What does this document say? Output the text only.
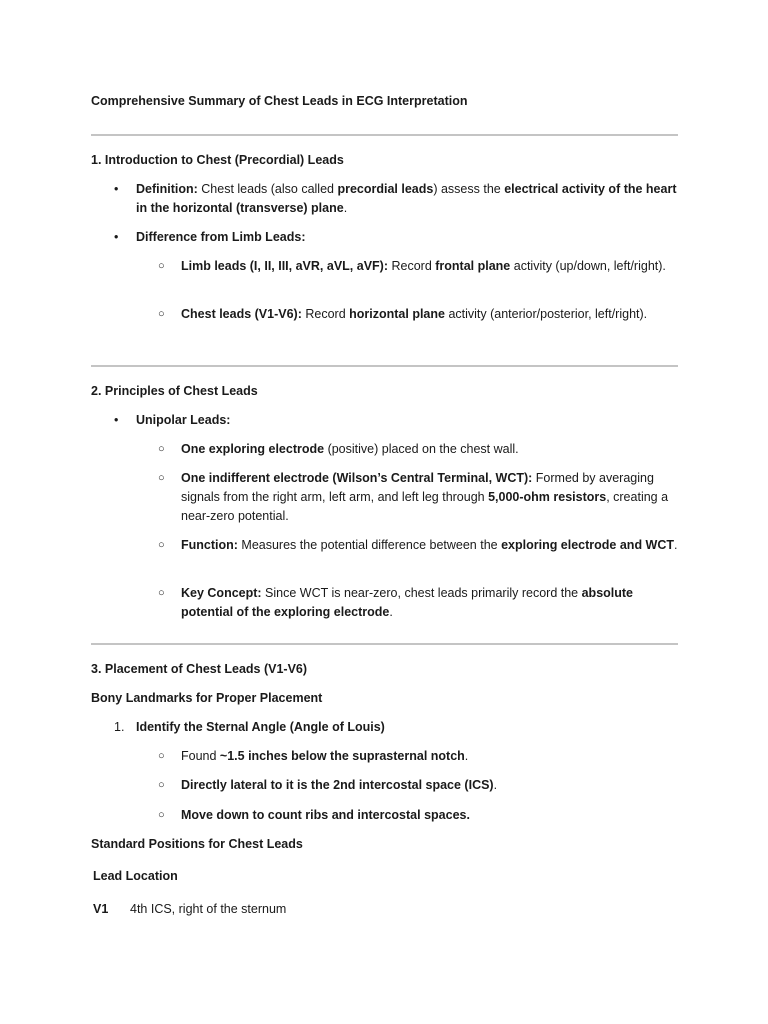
Comprehensive Summary of Chest Leads in ECG Interpretation
1. Introduction to Chest (Precordial) Leads
• Definition: Chest leads (also called precordial leads) assess the electrical activity of the heart in the horizontal (transverse) plane.
• Difference from Limb Leads:
○ Limb leads (I, II, III, aVR, aVL, aVF): Record frontal plane activity (up/down, left/right).
○ Chest leads (V1-V6): Record horizontal plane activity (anterior/posterior, left/right).
2. Principles of Chest Leads
• Unipolar Leads:
○ One exploring electrode (positive) placed on the chest wall.
○ One indifferent electrode (Wilson’s Central Terminal, WCT): Formed by averaging signals from the right arm, left arm, and left leg through 5,000-ohm resistors, creating a near-zero potential.
○ Function: Measures the potential difference between the exploring electrode and WCT.
○ Key Concept: Since WCT is near-zero, chest leads primarily record the absolute potential of the exploring electrode.
3. Placement of Chest Leads (V1-V6)
Bony Landmarks for Proper Placement
1. Identify the Sternal Angle (Angle of Louis)
○ Found ~1.5 inches below the suprasternal notch.
○ Directly lateral to it is the 2nd intercostal space (ICS).
○ Move down to count ribs and intercostal spaces.
Standard Positions for Chest Leads
Lead Location
V1 4th ICS, right of the sternum
